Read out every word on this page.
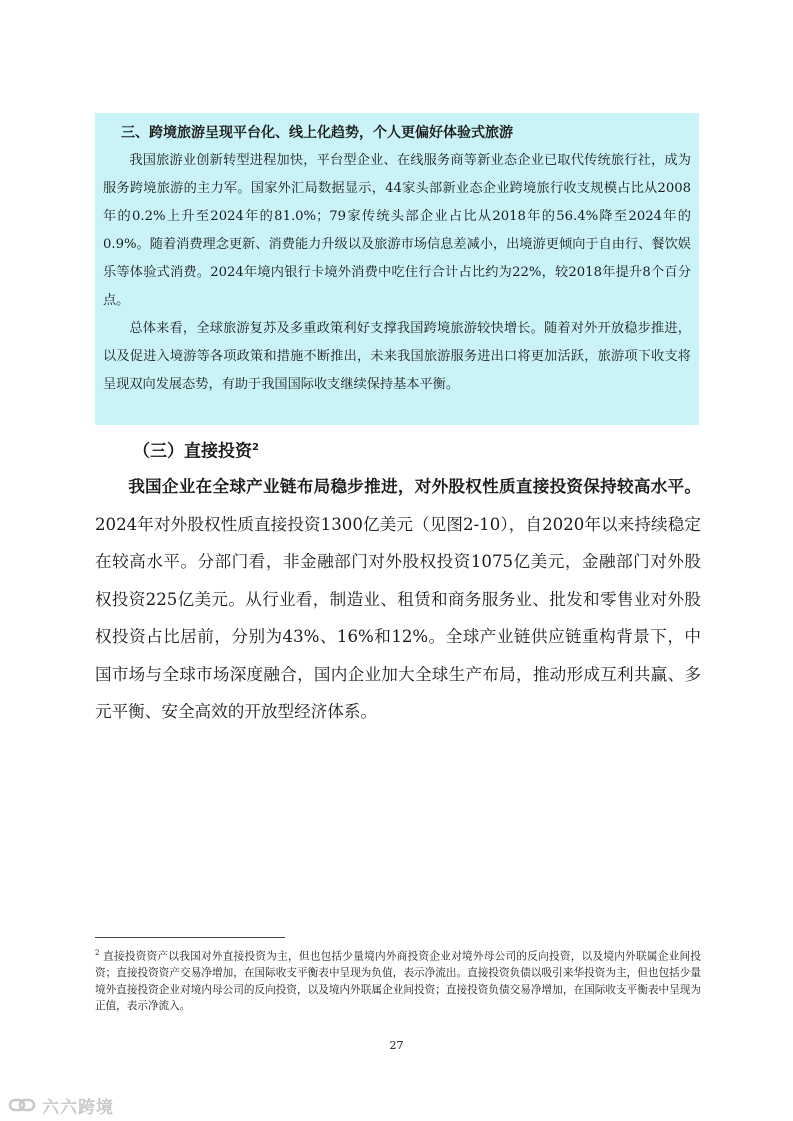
三、跨境旅游呈现平台化、线上化趋势，个人更偏好体验式旅游

我国旅游业创新转型进程加快，平台型企业、在线服务商等新业态企业已取代传统旅行社，成为服务跨境旅游的主力军。国家外汇局数据显示，44家头部新业态企业跨境旅行收支规模占比从2008年的0.2%上升至2024年的81.0%；79家传统头部企业占比从2018年的56.4%降至2024年的0.9%。随着消费理念更新、消费能力升级以及旅游市场信息差减小，出境游更倾向于自由行、餐饮娱乐等体验式消费。2024年境内银行卡境外消费中吃住行合计占比约为22%，较2018年提升8个百分点。

总体来看，全球旅游复苏及多重政策利好支撑我国跨境旅游较快增长。随着对外开放稳步推进，以及促进入境游等各项政策和措施不断推出，未来我国旅游服务进出口将更加活跃，旅游项下收支将呈现双向发展态势，有助于我国国际收支继续保持基本平衡。

（三）直接投资$^2$

我国企业在全球产业链布局稳步推进，对外股权性质直接投资保持较高水平。2024年对外股权性质直接投资1300亿美元（见图2-10），自2020年以来持续稳定在较高水平。分部门看，非金融部门对外股权投资1075亿美元，金融部门对外股权投资225亿美元。从行业看，制造业、租赁和商务服务业、批发和零售业对外股权投资占比居前，分别为43%、16%和12%。全球产业链供应链重构背景下，中国市场与全球市场深度融合，国内企业加大全球生产布局，推动形成互利共赢、多元平衡、安全高效的开放型经济体系。

$^2$ 直接投资资产以我国对外直接投资为主，但也包括少量境内外商投资企业对境外母公司的反向投资，以及境内外联属企业间投资；直接投资资产交易净增加，在国际收支平衡表中呈现为负值，表示净流出。直接投资负债以吸引来华投资为主，但也包括少量境外直接投资企业对境内母公司的反向投资，以及境内外联属企业间投资；直接投资负债交易净增加，在国际收支平衡表中呈现为正值，表示净流入。

27
六六跨境
